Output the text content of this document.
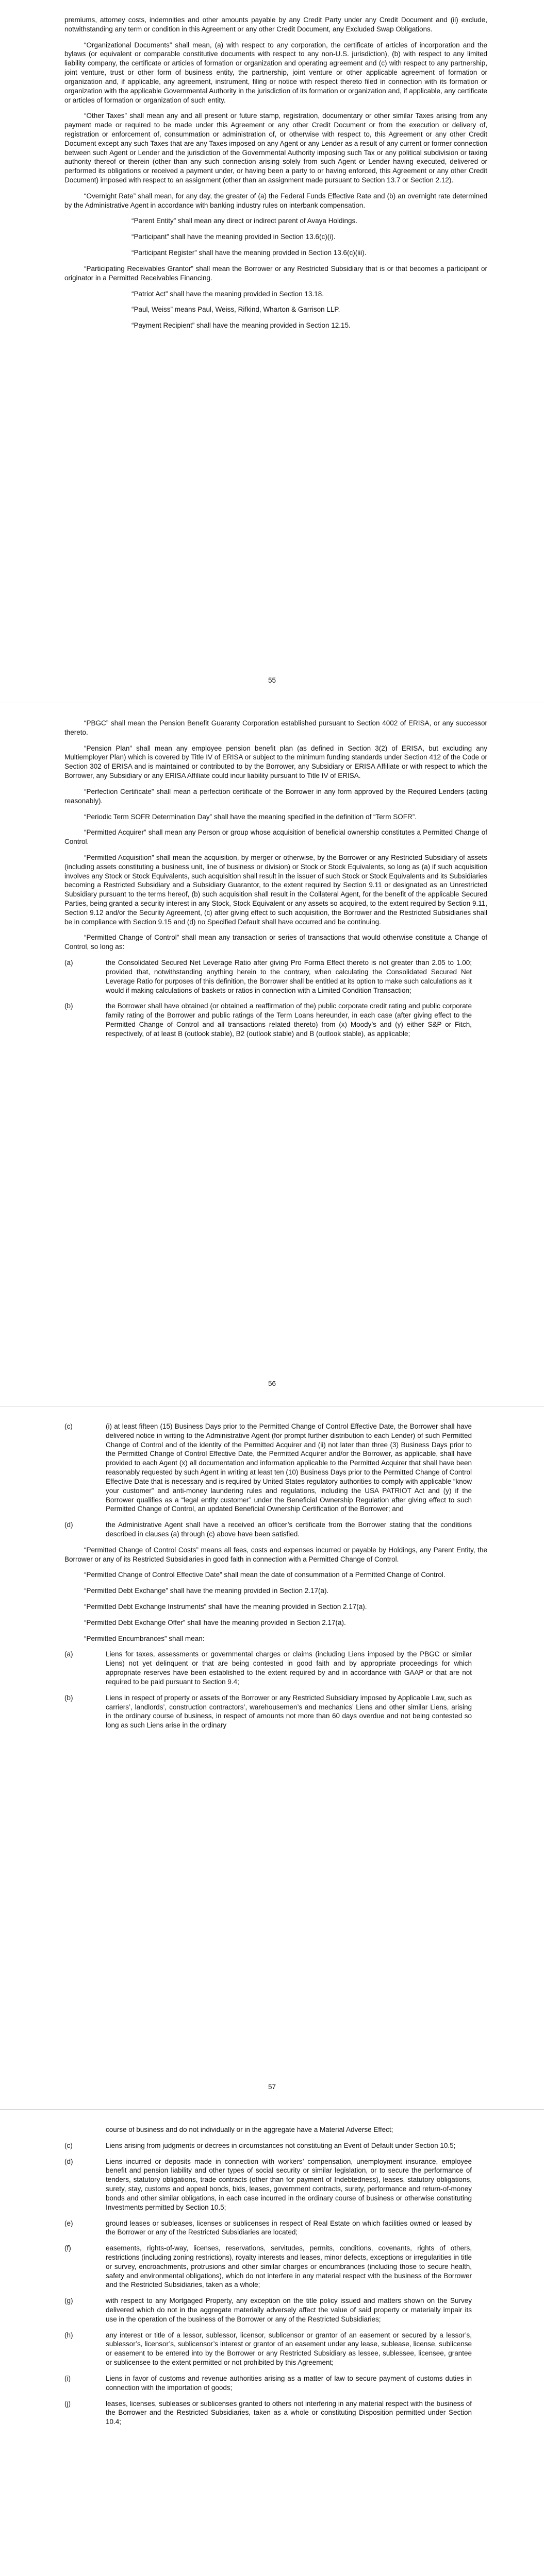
premiums, attorney costs, indemnities and other amounts payable by any Credit Party under any Credit Document and (ii) exclude, notwithstanding any term or condition in this Agreement or any other Credit Document, any Excluded Swap Obligations.

“Organizational Documents” shall mean, (a) with respect to any corporation, the certificate of articles of incorporation and the bylaws (or equivalent or comparable constitutive documents with respect to any non-U.S. jurisdiction), (b) with respect to any limited liability company, the certificate or articles of formation or organization and operating agreement and (c) with respect to any partnership, joint venture, trust or other form of business entity, the partnership, joint venture or other applicable agreement of formation or organization and, if applicable, any agreement, instrument, filing or notice with respect thereto filed in connection with its formation or organization with the applicable Governmental Authority in the jurisdiction of its formation or organization and, if applicable, any certificate or articles of formation or organization of such entity.

“Other Taxes” shall mean any and all present or future stamp, registration, documentary or other similar Taxes arising from any payment made or required to be made under this Agreement or any other Credit Document or from the execution or delivery of, registration or enforcement of, consummation or administration of, or otherwise with respect to, this Agreement or any other Credit Document except any such Taxes that are any Taxes imposed on any Agent or any Lender as a result of any current or former connection between such Agent or Lender and the jurisdiction of the Governmental Authority imposing such Tax or any political subdivision or taxing authority thereof or therein (other than any such connection arising solely from such Agent or Lender having executed, delivered or performed its obligations or received a payment under, or having been a party to or having enforced, this Agreement or any other Credit Document) imposed with respect to an assignment (other than an assignment made pursuant to Section 13.7 or Section 2.12).

“Overnight Rate” shall mean, for any day, the greater of (a) the Federal Funds Effective Rate and (b) an overnight rate determined by the Administrative Agent in accordance with banking industry rules on interbank compensation.

“Parent Entity” shall mean any direct or indirect parent of Avaya Holdings.

“Participant” shall have the meaning provided in Section 13.6(c)(i).

“Participant Register” shall have the meaning provided in Section 13.6(c)(iii).

“Participating Receivables Grantor” shall mean the Borrower or any Restricted Subsidiary that is or that becomes a participant or originator in a Permitted Receivables Financing.

“Patriot Act” shall have the meaning provided in Section 13.18.

“Paul, Weiss” means Paul, Weiss, Rifkind, Wharton & Garrison LLP.

“Payment Recipient” shall have the meaning provided in Section 12.15.

55

“PBGC” shall mean the Pension Benefit Guaranty Corporation established pursuant to Section 4002 of ERISA, or any successor thereto.

“Pension Plan” shall mean any employee pension benefit plan (as defined in Section 3(2) of ERISA, but excluding any Multiemployer Plan) which is covered by Title IV of ERISA or subject to the minimum funding standards under Section 412 of the Code or Section 302 of ERISA and is maintained or contributed to by the Borrower, any Subsidiary or ERISA Affiliate or with respect to which the Borrower, any Subsidiary or any ERISA Affiliate could incur liability pursuant to Title IV of ERISA.

“Perfection Certificate” shall mean a perfection certificate of the Borrower in any form approved by the Required Lenders (acting reasonably).

“Periodic Term SOFR Determination Day” shall have the meaning specified in the definition of “Term SOFR”.

“Permitted Acquirer” shall mean any Person or group whose acquisition of beneficial ownership constitutes a Permitted Change of Control.

“Permitted Acquisition” shall mean the acquisition, by merger or otherwise, by the Borrower or any Restricted Subsidiary of assets (including assets constituting a business unit, line of business or division) or Stock or Stock Equivalents, so long as (a) if such acquisition involves any Stock or Stock Equivalents, such acquisition shall result in the issuer of such Stock or Stock Equivalents and its Subsidiaries becoming a Restricted Subsidiary and a Subsidiary Guarantor, to the extent required by Section 9.11 or designated as an Unrestricted Subsidiary pursuant to the terms hereof, (b) such acquisition shall result in the Collateral Agent, for the benefit of the applicable Secured Parties, being granted a security interest in any Stock, Stock Equivalent or any assets so acquired, to the extent required by Section 9.11, Section 9.12 and/or the Security Agreement, (c) after giving effect to such acquisition, the Borrower and the Restricted Subsidiaries shall be in compliance with Section 9.15 and (d) no Specified Default shall have occurred and be continuing.

“Permitted Change of Control” shall mean any transaction or series of transactions that would otherwise constitute a Change of Control, so long as:

(a)	the Consolidated Secured Net Leverage Ratio after giving Pro Forma Effect thereto is not greater than 2.05 to 1.00; provided that, notwithstanding anything herein to the contrary, when calculating the Consolidated Secured Net Leverage Ratio for purposes of this definition, the Borrower shall be entitled at its option to make such calculations as it would if making calculations of baskets or ratios in connection with a Limited Condition Transaction;
(b)	the Borrower shall have obtained (or obtained a reaffirmation of the) public corporate credit rating and public corporate family rating of the Borrower and public ratings of the Term Loans hereunder, in each case (after giving effect to the Permitted Change of Control and all transactions related thereto) from (x) Moody’s and (y) either S&P or Fitch, respectively, of at least B (outlook stable), B2 (outlook stable) and B (outlook stable), as applicable;
56
(c)	(i) at least fifteen (15) Business Days prior to the Permitted Change of Control Effective Date, the Borrower shall have delivered notice in writing to the Administrative Agent (for prompt further distribution to each Lender) of such Permitted Change of Control and of the identity of the Permitted Acquirer and (ii) not later than three (3) Business Days prior to the Permitted Change of Control Effective Date, the Permitted Acquirer and/or the Borrower, as applicable, shall have provided to each Agent (x) all documentation and information applicable to the Permitted Acquirer that shall have been reasonably requested by such Agent in writing at least ten (10) Business Days prior to the Permitted Change of Control Effective Date that is necessary and is required by United States regulatory authorities to comply with applicable “know your customer” and anti-money laundering rules and regulations, including the USA PATRIOT Act and (y) if the Borrower qualifies as a “legal entity customer” under the Beneficial Ownership Regulation after giving effect to such Permitted Change of Control, an updated Beneficial Ownership Certification of the Borrower; and
(d)	the Administrative Agent shall have a received an officer’s certificate from the Borrower stating that the conditions described in clauses (a) through (c) above have been satisfied.

“Permitted Change of Control Costs” means all fees, costs and expenses incurred or payable by Holdings, any Parent Entity, the Borrower or any of its Restricted Subsidiaries in good faith in connection with a Permitted Change of Control.

“Permitted Change of Control Effective Date” shall mean the date of consummation of a Permitted Change of Control.

“Permitted Debt Exchange” shall have the meaning provided in Section 2.17(a).

“Permitted Debt Exchange Instruments” shall have the meaning provided in Section 2.17(a).

“Permitted Debt Exchange Offer” shall have the meaning provided in Section 2.17(a).

“Permitted Encumbrances” shall mean:

(a)	Liens for taxes, assessments or governmental charges or claims (including Liens imposed by the PBGC or similar Liens) not yet delinquent or that are being contested in good faith and by appropriate proceedings for which appropriate reserves have been established to the extent required by and in accordance with GAAP or that are not required to be paid pursuant to Section 9.4;
(b)	Liens in respect of property or assets of the Borrower or any Restricted Subsidiary imposed by Applicable Law, such as carriers’, landlords’, construction contractors’, warehousemen’s and mechanics’ Liens and other similar Liens, arising in the ordinary course of business, in respect of amounts not more than 60 days overdue and not being contested so long as such Liens arise in the ordinary
57
course of business and do not individually or in the aggregate have a Material Adverse Effect;
(c)	Liens arising from judgments or decrees in circumstances not constituting an Event of Default under Section 10.5;
(d)	Liens incurred or deposits made in connection with workers’ compensation, unemployment insurance, employee benefit and pension liability and other types of social security or similar legislation, or to secure the performance of tenders, statutory obligations, trade contracts (other than for payment of Indebtedness), leases, statutory obligations, surety, stay, customs and appeal bonds, bids, leases, government contracts, surety, performance and return-of-money bonds and other similar obligations, in each case incurred in the ordinary course of business or otherwise constituting Investments permitted by Section 10.5;
(e)	ground leases or subleases, licenses or sublicenses in respect of Real Estate on which facilities owned or leased by the Borrower or any of the Restricted Subsidiaries are located;
(f)	easements, rights-of-way, licenses, reservations, servitudes, permits, conditions, covenants, rights of others, restrictions (including zoning restrictions), royalty interests and leases, minor defects, exceptions or irregularities in title or survey, encroachments, protrusions and other similar charges or encumbrances (including those to secure health, safety and environmental obligations), which do not interfere in any material respect with the business of the Borrower and the Restricted Subsidiaries, taken as a whole;
(g)	with respect to any Mortgaged Property, any exception on the title policy issued and matters shown on the Survey delivered which do not in the aggregate materially adversely affect the value of said property or materially impair its use in the operation of the business of the Borrower or any of the Restricted Subsidiaries;
(h)	any interest or title of a lessor, sublessor, licensor, sublicensor or grantor of an easement or secured by a lessor’s, sublessor’s, licensor’s, sublicensor’s interest or grantor of an easement under any lease, sublease, license, sublicense or easement to be entered into by the Borrower or any Restricted Subsidiary as lessee, sublessee, licensee, grantee or sublicensee to the extent permitted or not prohibited by this Agreement;
(i)	Liens in favor of customs and revenue authorities arising as a matter of law to secure payment of customs duties in connection with the importation of goods;
(j)	leases, licenses, subleases or sublicenses granted to others not interfering in any material respect with the business of the Borrower and the Restricted Subsidiaries, taken as a whole or constituting Disposition permitted under Section 10.4;
